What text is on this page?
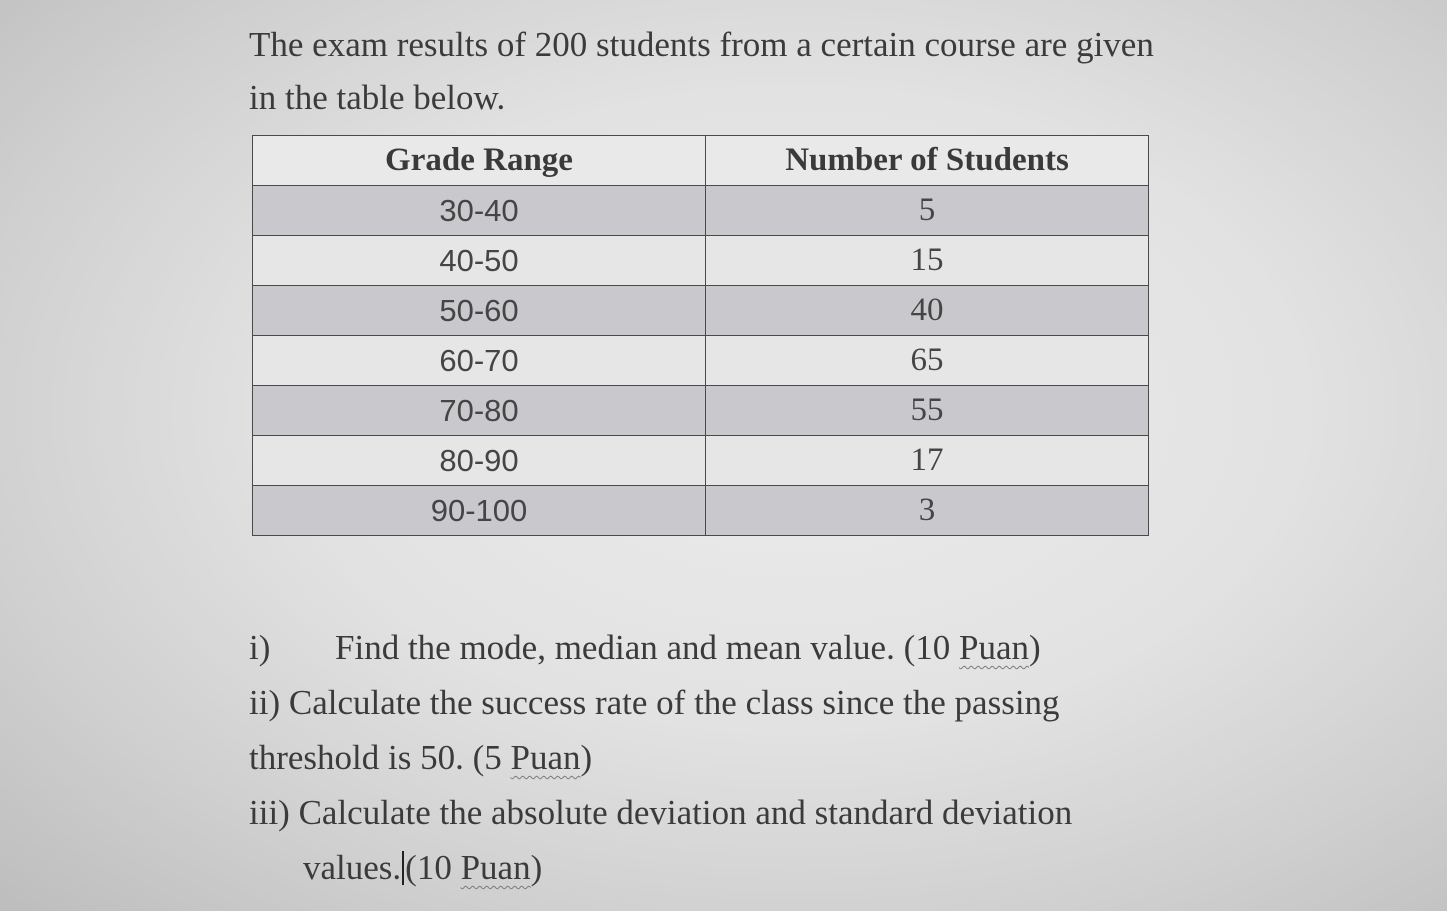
The exam results of 200 students from a certain course are given in the table below.

Grade Range	Number of Students
30-40	5
40-50	15
50-60	40
60-70	65
70-80	55
80-90	17
90-100	3

i) Find the mode, median and mean value. (10 Puan)

ii) Calculate the success rate of the class since the passing

threshold is 50. (5 Puan)

iii) Calculate the absolute deviation and standard deviation

values. (10 Puan)
